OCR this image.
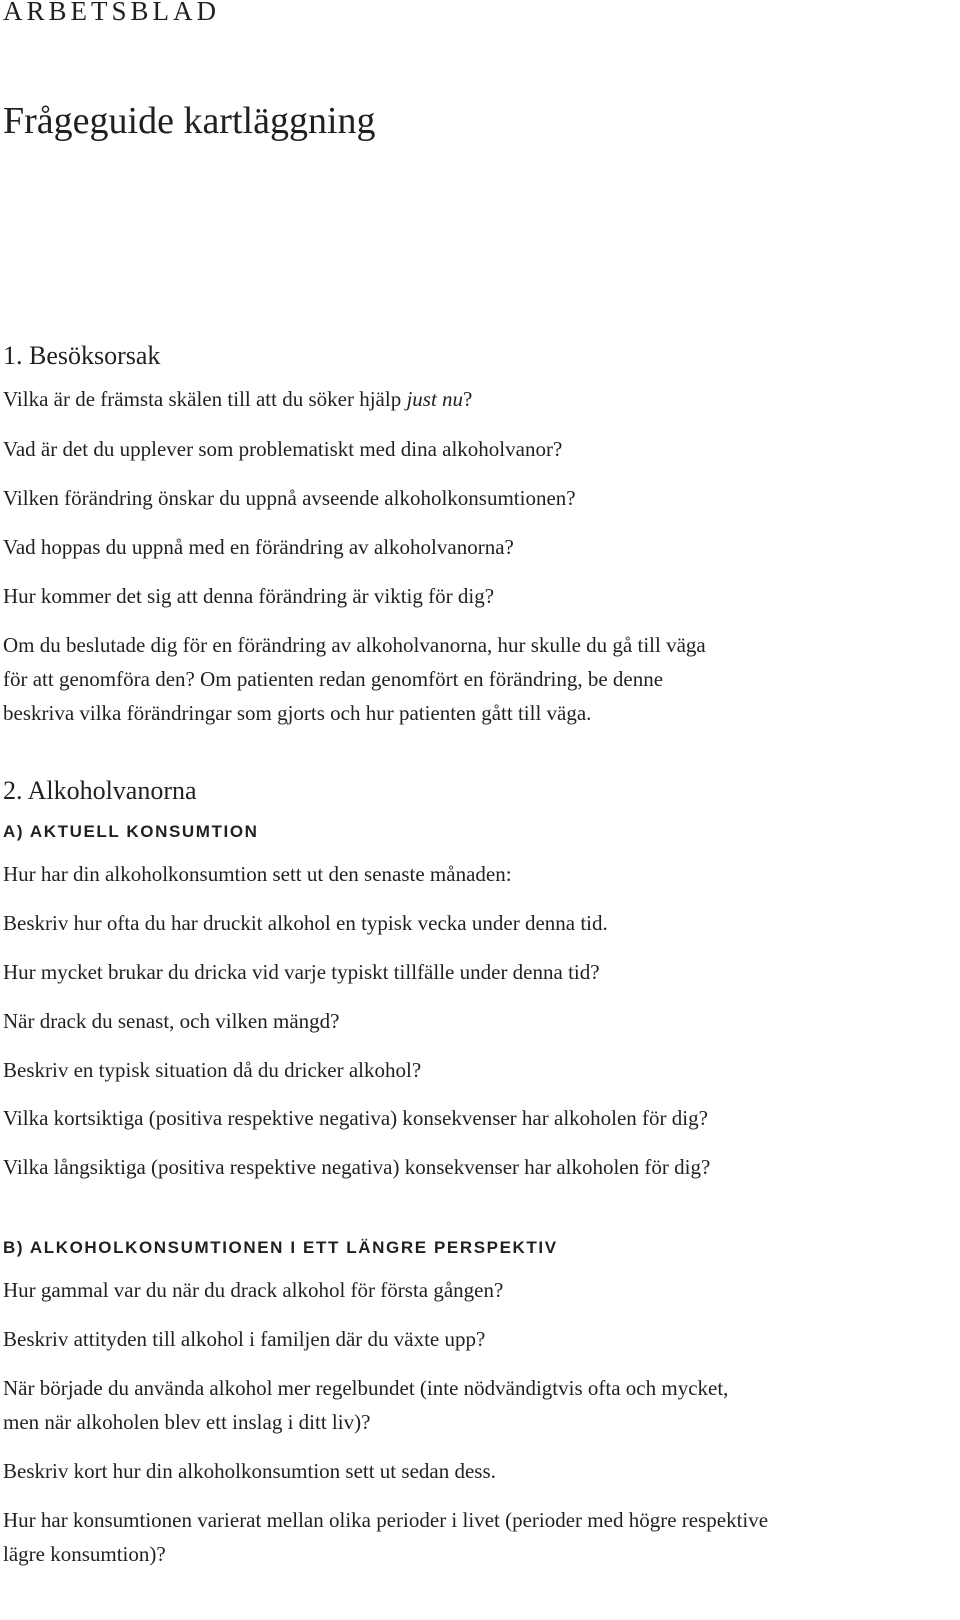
ARBETSBLAD
Frågeguide kartläggning
1. Besöksorsak

Vilka är de främsta skälen till att du söker hjälp just nu?

Vad är det du upplever som problematiskt med dina alkoholvanor?

Vilken förändring önskar du uppnå avseende alkoholkonsumtionen?

Vad hoppas du uppnå med en förändring av alkoholvanorna?

Hur kommer det sig att denna förändring är viktig för dig?

Om du beslutade dig för en förändring av alkoholvanorna, hur skulle du gå till väga

för att genomföra den? Om patienten redan genomfört en förändring, be denne

beskriva vilka förändringar som gjorts och hur patienten gått till väga.

2. Alkoholvanorna
A) AKTUELL KONSUMTION

Hur har din alkoholkonsumtion sett ut den senaste månaden:

Beskriv hur ofta du har druckit alkohol en typisk vecka under denna tid.

Hur mycket brukar du dricka vid varje typiskt tillfälle under denna tid?

När drack du senast, och vilken mängd?

Beskriv en typisk situation då du dricker alkohol?

Vilka kortsiktiga (positiva respektive negativa) konsekvenser har alkoholen för dig?

Vilka långsiktiga (positiva respektive negativa) konsekvenser har alkoholen för dig?

B) ALKOHOLKONSUMTIONEN I ETT LÄNGRE PERSPEKTIV

Hur gammal var du när du drack alkohol för första gången?

Beskriv attityden till alkohol i familjen där du växte upp?

När började du använda alkohol mer regelbundet (inte nödvändigtvis ofta och mycket,

men när alkoholen blev ett inslag i ditt liv)?

Beskriv kort hur din alkoholkonsumtion sett ut sedan dess.

Hur har konsumtionen varierat mellan olika perioder i livet (perioder med högre respektive

lägre konsumtion)?
